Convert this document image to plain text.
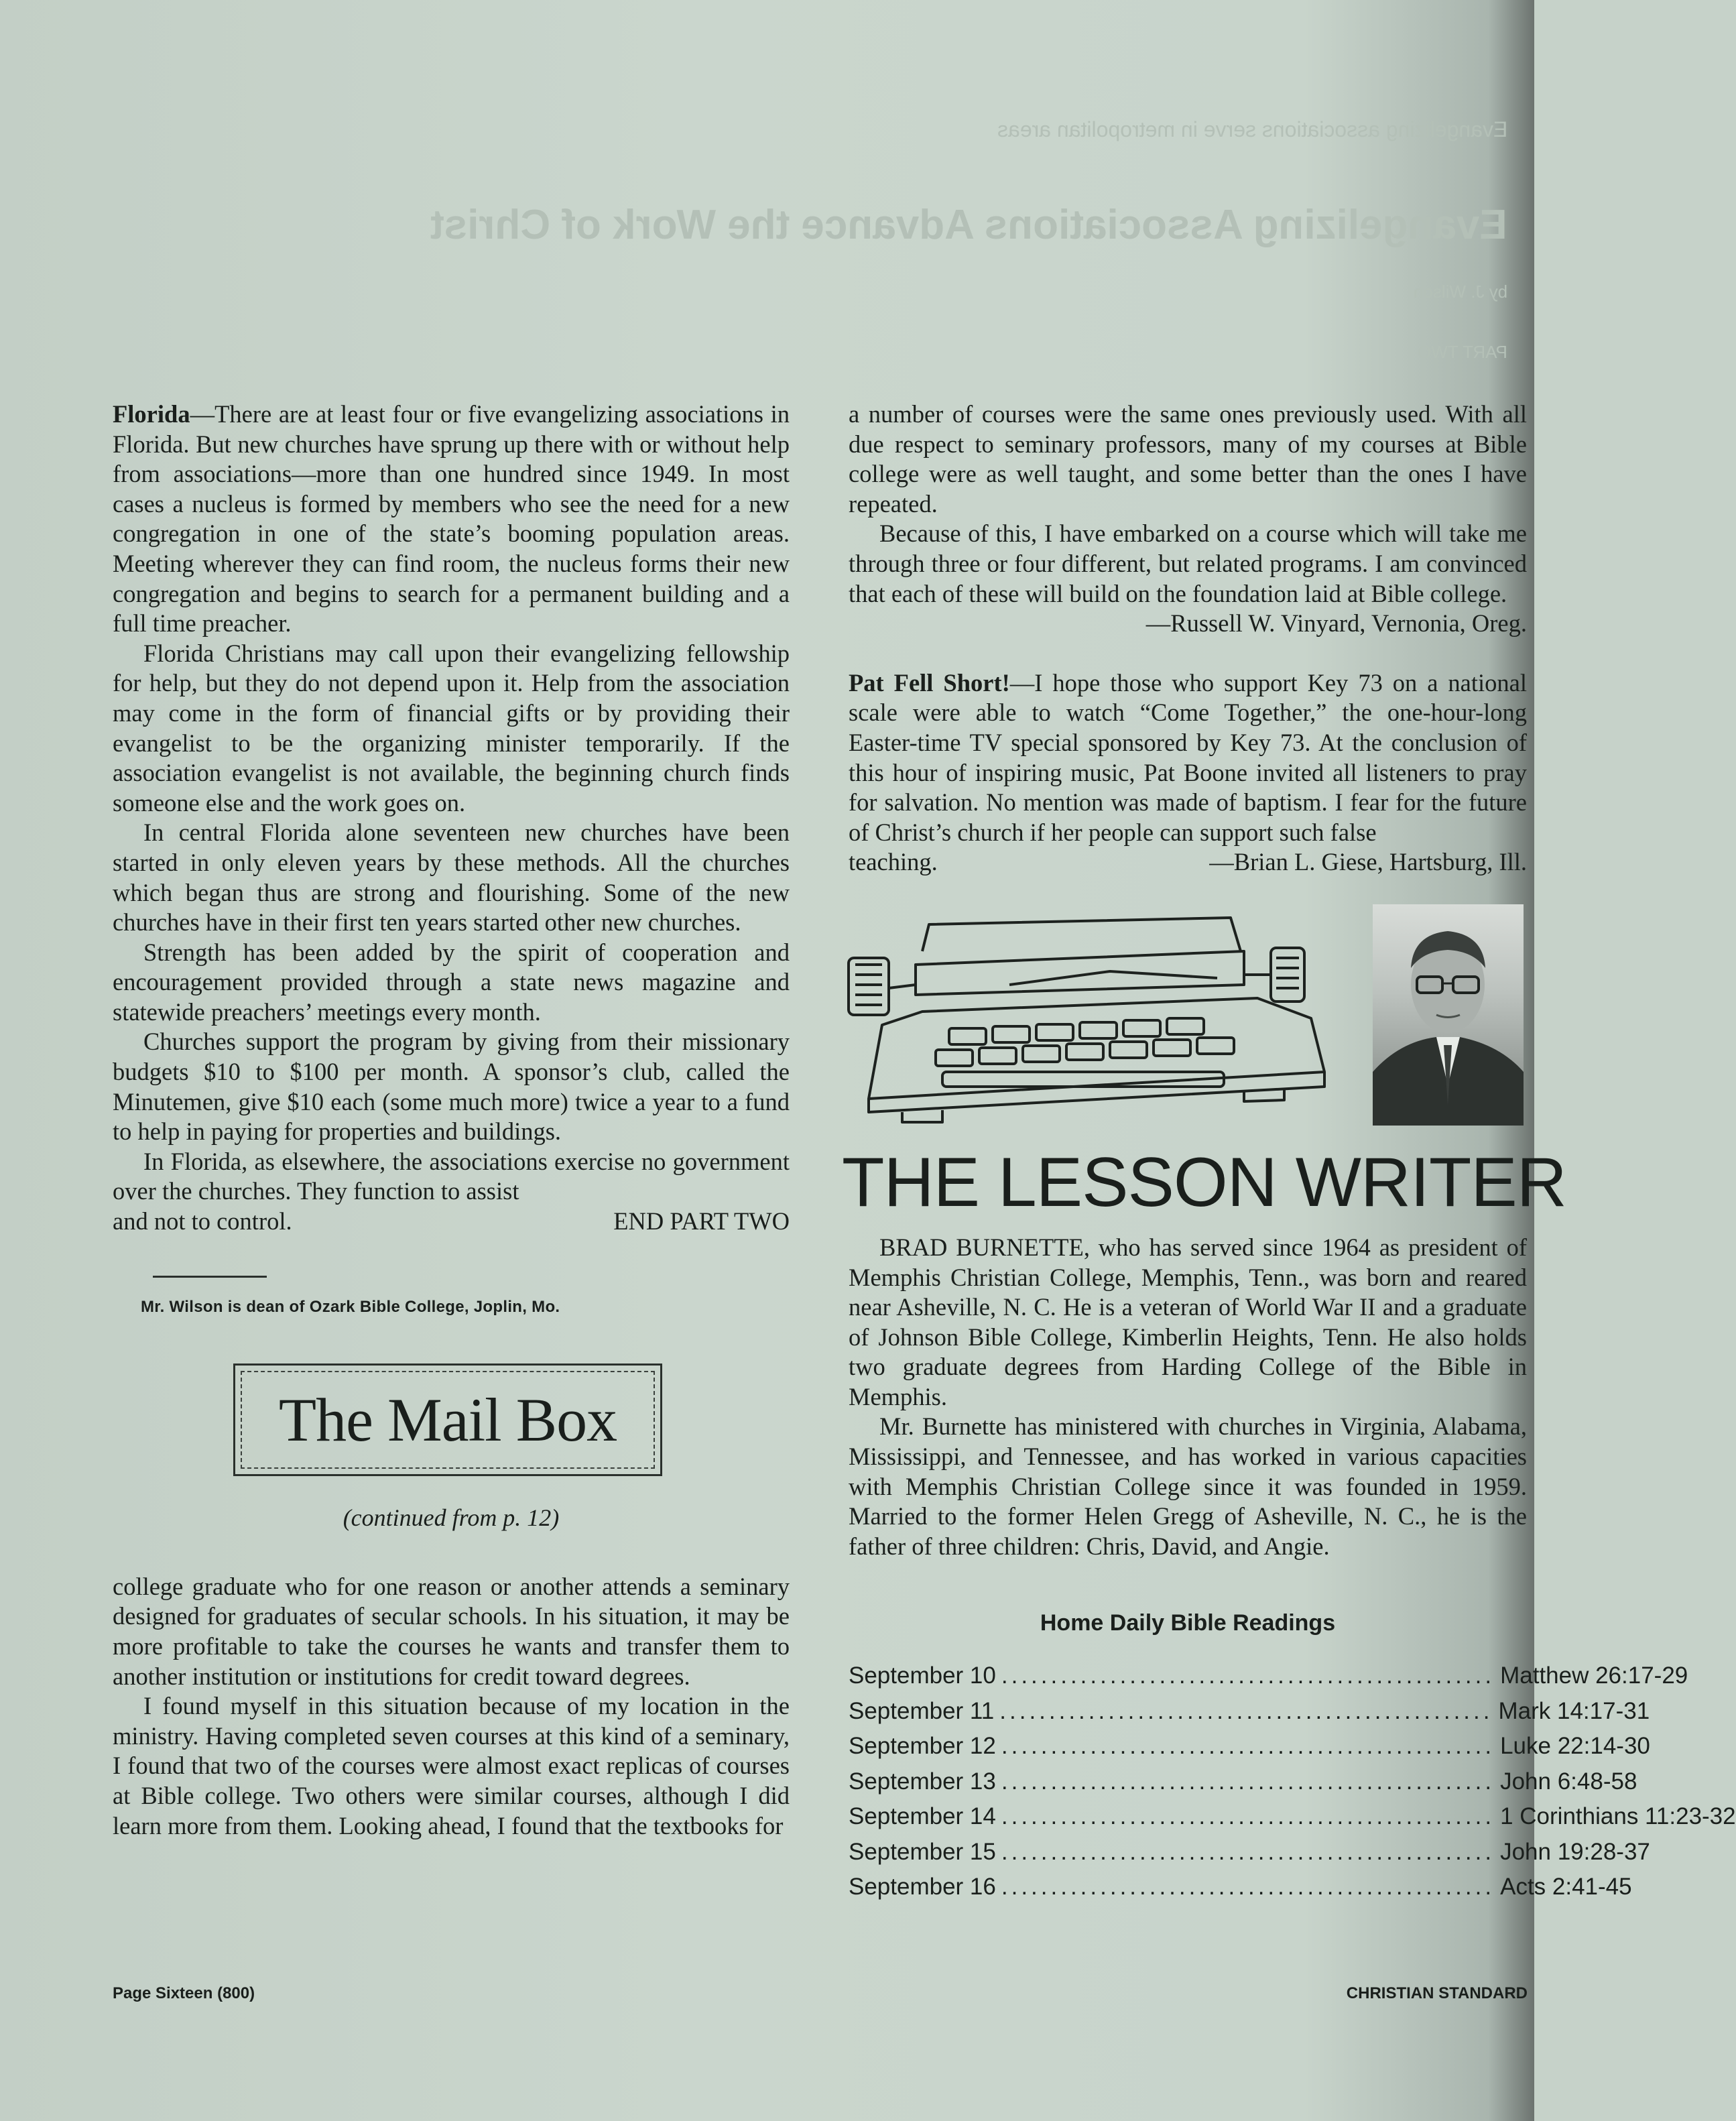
Evangelizing associations serve in metropolitan areas
Evangelizing Associations Advance the Work of Christ
by J. Wilson
PART TWO

Florida—There are at least four or five evangelizing associations in Florida. But new churches have sprung up there with or without help from associations—more than one hundred since 1949. In most cases a nucleus is formed by members who see the need for a new congregation in one of the state’s booming population areas. Meeting wherever they can find room, the nucleus forms their new congregation and begins to search for a permanent building and a full time preacher.

Florida Christians may call upon their evangelizing fellowship for help, but they do not depend upon it. Help from the association may come in the form of financial gifts or by providing their evangelist to be the organizing minister temporarily. If the association evangelist is not available, the beginning church finds someone else and the work goes on.

In central Florida alone seventeen new churches have been started in only eleven years by these methods. All the churches which began thus are strong and flourishing. Some of the new churches have in their first ten years started other new churches.

Strength has been added by the spirit of cooperation and encouragement provided through a state news magazine and statewide preachers’ meetings every month.

Churches support the program by giving from their missionary budgets $10 to $100 per month. A sponsor’s club, called the Minutemen, give $10 each (some much more) twice a year to a fund to help in paying for properties and buildings.

In Florida, as elsewhere, the associations exercise no government over the churches. They function to assist

and not to control.	END PART TWO
Mr. Wilson is dean of Ozark Bible College, Joplin, Mo.
The Mail Box
(continued from p. 12)

college graduate who for one reason or another attends a seminary designed for graduates of secular schools. In his situation, it may be more profitable to take the courses he wants and transfer them to another institution or institutions for credit toward degrees.

I found myself in this situation because of my location in the ministry. Having completed seven courses at this kind of a seminary, I found that two of the courses were almost exact replicas of courses at Bible college. Two others were similar courses, although I did learn more from them. Looking ahead, I found that the textbooks for

a number of courses were the same ones previously used. With all due respect to seminary professors, many of my courses at Bible college were as well taught, and some better than the ones I have repeated.

Because of this, I have embarked on a course which will take me through three or four different, but related programs. I am convinced that each of these will build on the foundation laid at Bible college.

—Russell W. Vinyard, Vernonia, Oreg.

Pat Fell Short!—I hope those who support Key 73 on a national scale were able to watch “Come Together,” the one-hour-long Easter-time TV special sponsored by Key 73. At the conclusion of this hour of inspiring music, Pat Boone invited all listeners to pray for salvation. No mention was made of baptism. I fear for the future of Christ’s church if her people can support such false

teaching.	—Brian L. Giese, Hartsburg, Ill.
THE LESSON WRITER

BRAD BURNETTE, who has served since 1964 as president of Memphis Christian College, Memphis, Tenn., was born and reared near Asheville, N. C. He is a veteran of World War II and a graduate of Johnson Bible College, Kimberlin Heights, Tenn. He also holds two graduate degrees from Harding College of the Bible in Memphis.

Mr. Burnette has ministered with churches in Virginia, Alabama, Mississippi, and Tennessee, and has worked in various capacities with Memphis Christian College since it was founded in 1959. Married to the former Helen Gregg of Asheville, N. C., he is the father of three children: Chris, David, and Angie.

Home Daily Bible Readings
September 10 .................................................. Matthew 26:17-29
September 11 .................................................. Mark 14:17-31
September 12 .................................................. Luke 22:14-30
September 13 .................................................. John 6:48-58
September 14 .................................................. 1 Corinthians 11:23-32
September 15 .................................................. John 19:28-37
September 16 .................................................. Acts 2:41-45
Page Sixteen (800)	CHRISTIAN STANDARD
